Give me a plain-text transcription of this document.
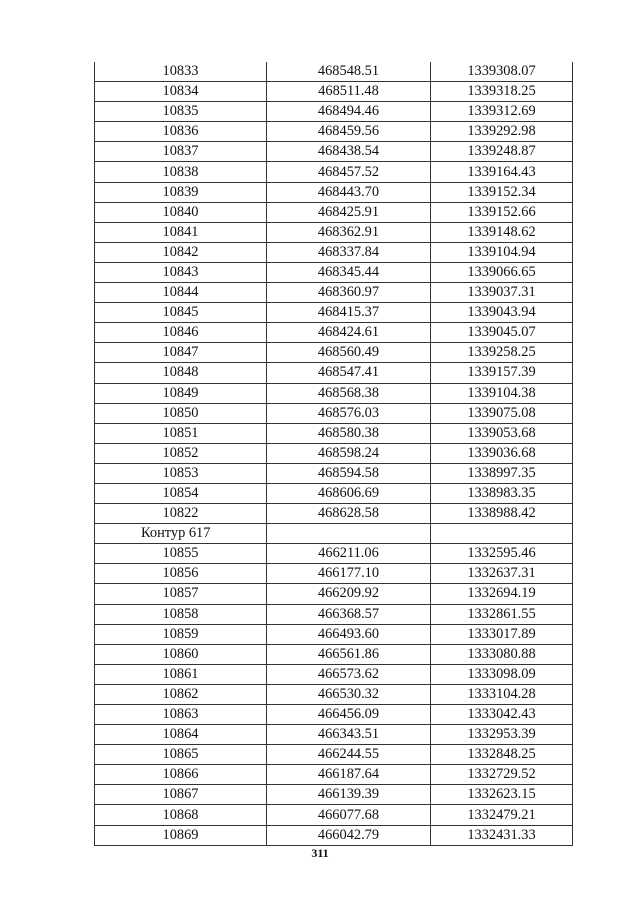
10833	468548.51	1339308.07
10834	468511.48	1339318.25
10835	468494.46	1339312.69
10836	468459.56	1339292.98
10837	468438.54	1339248.87
10838	468457.52	1339164.43
10839	468443.70	1339152.34
10840	468425.91	1339152.66
10841	468362.91	1339148.62
10842	468337.84	1339104.94
10843	468345.44	1339066.65
10844	468360.97	1339037.31
10845	468415.37	1339043.94
10846	468424.61	1339045.07
10847	468560.49	1339258.25
10848	468547.41	1339157.39
10849	468568.38	1339104.38
10850	468576.03	1339075.08
10851	468580.38	1339053.68
10852	468598.24	1339036.68
10853	468594.58	1338997.35
10854	468606.69	1338983.35
10822	468628.58	1338988.42
Контур 617		
10855	466211.06	1332595.46
10856	466177.10	1332637.31
10857	466209.92	1332694.19
10858	466368.57	1332861.55
10859	466493.60	1333017.89
10860	466561.86	1333080.88
10861	466573.62	1333098.09
10862	466530.32	1333104.28
10863	466456.09	1333042.43
10864	466343.51	1332953.39
10865	466244.55	1332848.25
10866	466187.64	1332729.52
10867	466139.39	1332623.15
10868	466077.68	1332479.21
10869	466042.79	1332431.33
311
